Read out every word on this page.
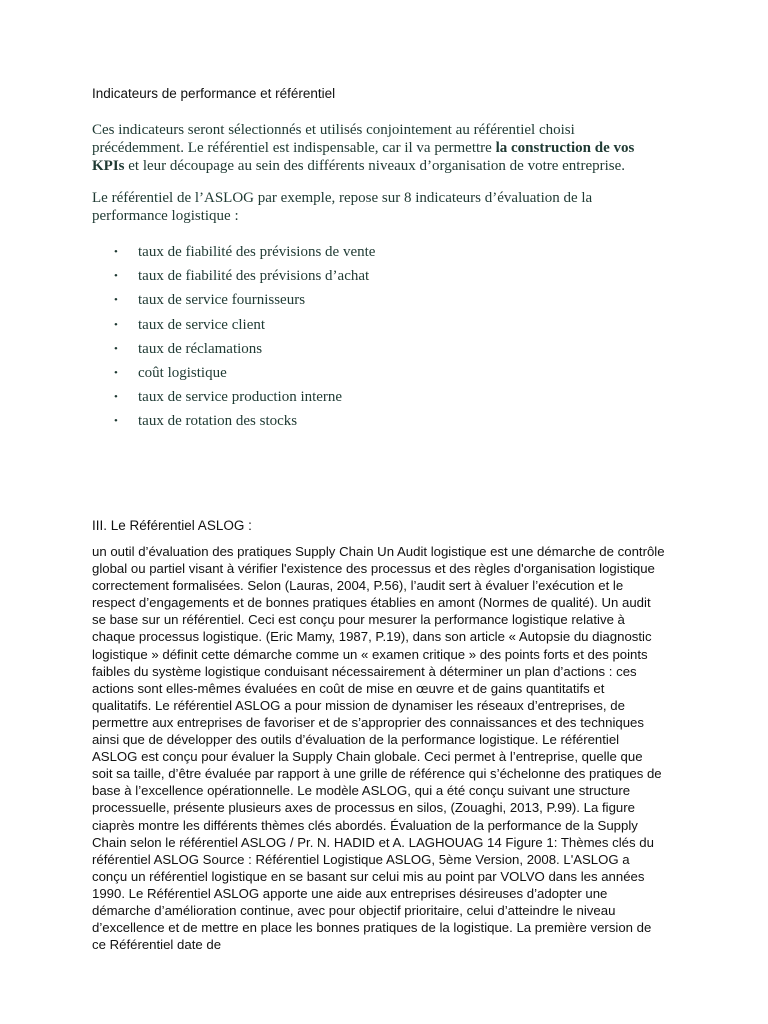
Indicateurs de performance et référentiel

Ces indicateurs seront sélectionnés et utilisés conjointement au référentiel choisi précédemment. Le référentiel est indispensable, car il va permettre la construction de vos KPIs et leur découpage au sein des différents niveaux d’organisation de votre entreprise.

Le référentiel de l’ASLOG par exemple, repose sur 8 indicateurs d’évaluation de la performance logistique :

• taux de fiabilité des prévisions de vente
• taux de fiabilité des prévisions d’achat
• taux de service fournisseurs
• taux de service client
• taux de réclamations
• coût logistique
• taux de service production interne
• taux de rotation des stocks
III. Le Référentiel ASLOG :

un outil d’évaluation des pratiques Supply Chain Un Audit logistique est une démarche de contrôle global ou partiel visant à vérifier l'existence des processus et des règles d'organisation logistique correctement formalisées. Selon (Lauras, 2004, P.56), l’audit sert à évaluer l’exécution et le respect d’engagements et de bonnes pratiques établies en amont (Normes de qualité). Un audit se base sur un référentiel. Ceci est conçu pour mesurer la performance logistique relative à chaque processus logistique. (Eric Mamy, 1987, P.19), dans son article « Autopsie du diagnostic logistique » définit cette démarche comme un « examen critique » des points forts et des points faibles du système logistique conduisant nécessairement à déterminer un plan d’actions : ces actions sont elles-mêmes évaluées en coût de mise en œuvre et de gains quantitatifs et qualitatifs. Le référentiel ASLOG a pour mission de dynamiser les réseaux d’entreprises, de permettre aux entreprises de favoriser et de s’approprier des connaissances et des techniques ainsi que de développer des outils d’évaluation de la performance logistique. Le référentiel ASLOG est conçu pour évaluer la Supply Chain globale. Ceci permet à l’entreprise, quelle que soit sa taille, d’être évaluée par rapport à une grille de référence qui s’échelonne des pratiques de base à l’excellence opérationnelle. Le modèle ASLOG, qui a été conçu suivant une structure processuelle, présente plusieurs axes de processus en silos, (Zouaghi, 2013, P.99). La figure ciaprès montre les différents thèmes clés abordés. Évaluation de la performance de la Supply Chain selon le référentiel ASLOG / Pr. N. HADID et A. LAGHOUAG 14 Figure 1: Thèmes clés du référentiel ASLOG Source : Référentiel Logistique ASLOG, 5ème Version, 2008. L'ASLOG a conçu un référentiel logistique en se basant sur celui mis au point par VOLVO dans les années 1990. Le Référentiel ASLOG apporte une aide aux entreprises désireuses d’adopter une démarche d’amélioration continue, avec pour objectif prioritaire, celui d’atteindre le niveau d’excellence et de mettre en place les bonnes pratiques de la logistique. La première version de ce Référentiel date de
